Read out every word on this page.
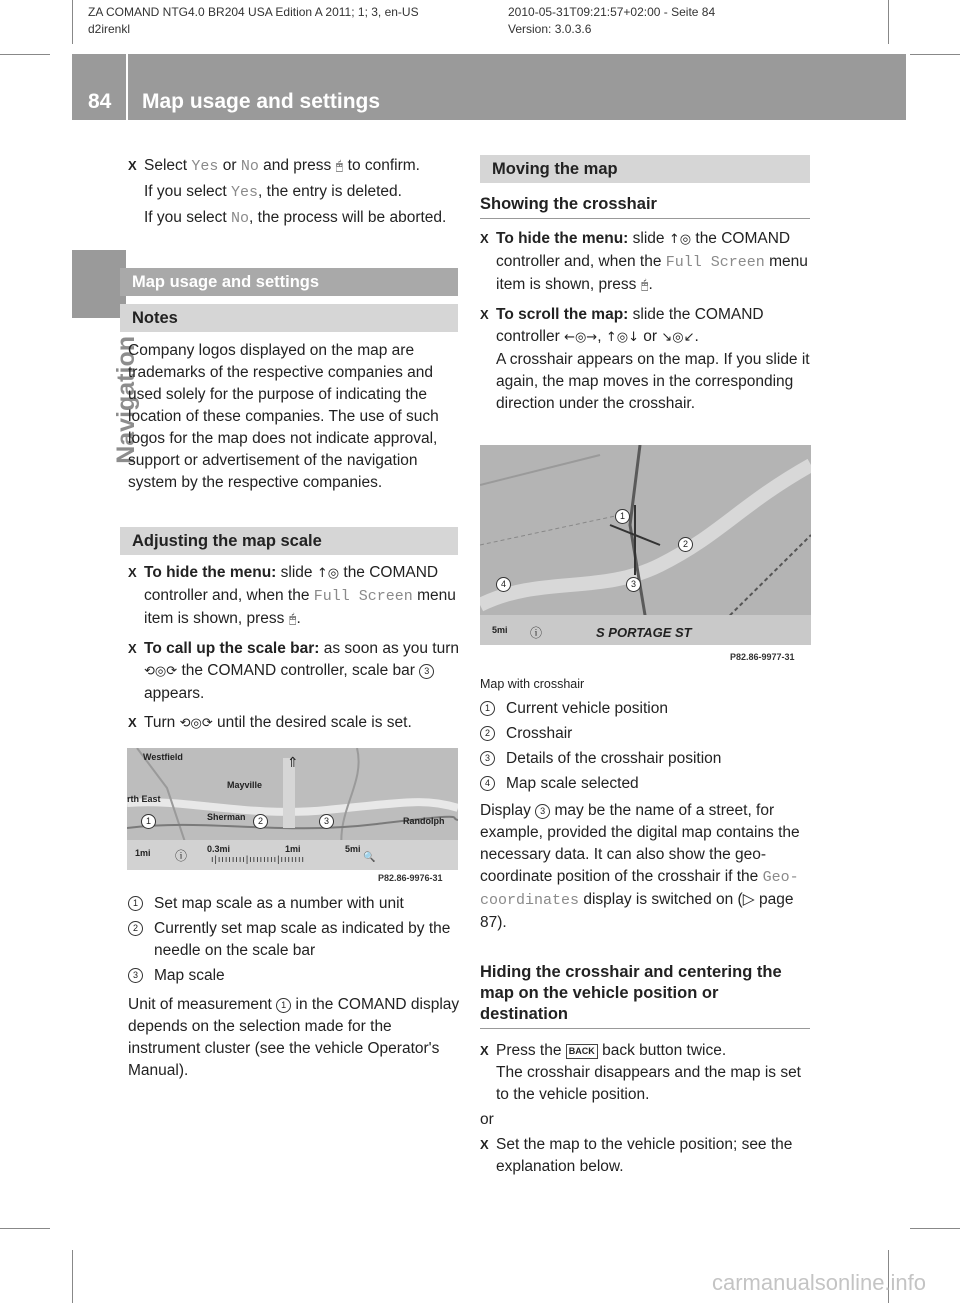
ZA COMAND NTG4.0 BR204 USA Edition A 2011; 1; 3, en-US
d2irenkl
2010-05-31T09:21:57+02:00 - Seite 84
Version: 3.0.3.6
84 Map usage and settings
Navigation

X Select Yes or No and press 🖰 to confirm.

If you select Yes, the entry is deleted.

If you select No, the process will be aborted.

Map usage and settings
Notes
Company logos displayed on the map are trademarks of the respective companies and used solely for the purpose of indicating the location of these companies. The use of such logos for the map does not indicate approval, support or advertisement of the navigation system by the respective companies.
Adjusting the map scale

X To hide the menu: slide ↑◎ the COMAND controller and, when the Full Screen menu item is shown, press 🖰.

X To call up the scale bar: as soon as you turn ⟲◎⟳ the COMAND controller, scale bar 3 appears.

X Turn ⟲◎⟳ until the desired scale is set.

Westfield
Mayville
Sherman	Randolph
rth East
⇑
1mi ⓘ 0.3mi	1mi	5mi
ı|ıııııııı|ıııııııı|ııııııı	🔍
1	2	3
P82.86-9976-31

1	Set map scale as a number with unit

2	Currently set map scale as indicated by the needle on the scale bar

3	Map scale

Unit of measurement 1 in the COMAND display depends on the selection made for the instrument cluster (see the vehicle Operator's Manual).

Moving the map
Showing the crosshair

X To hide the menu: slide ↑◎ the COMAND controller and, when the Full Screen menu item is shown, press 🖰.

X To scroll the map: slide the COMAND controller ←◎→, ↑◎↓ or ↘◎↙.
A crosshair appears on the map. If you slide it again, the map moves in the corresponding direction under the crosshair.

5mi ⓘ	S PORTAGE ST
1
2
3
4
P82.86-9977-31
Map with crosshair

1	Current vehicle position

2	Crosshair

3	Details of the crosshair position

4	Map scale selected

Display 3 may be the name of a street, for example, provided the digital map contains the necessary data. It can also show the geo-coordinate position of the crosshair if the Geo-coordinates display is switched on (▷ page 87).

Hiding the crosshair and centering the map on the vehicle position or destination

X Press the BACK back button twice.
The crosshair disappears and the map is set to the vehicle position.

or

X Set the map to the vehicle position; see the explanation below.

carmanualsonline.info
